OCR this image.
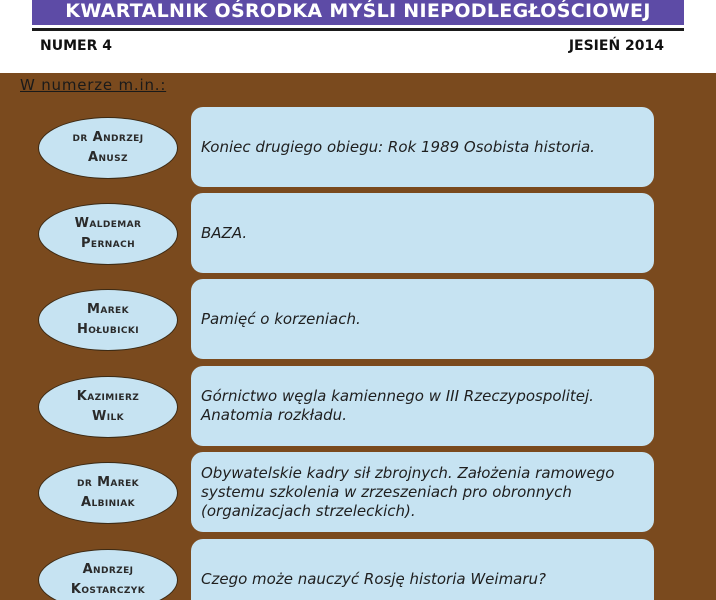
KWARTALNIK OŚRODKA MYŚLI NIEPODLEGŁOŚCIOWEJ
NUMER 4	JESIEŃ 2014
W numerze m.in.:
dr Andrzej
Anusz
Koniec drugiego obiegu: Rok 1989 Osobista historia.
Waldemar
Pernach
BAZA.
Marek
Hołubicki
Pamięć o korzeniach.
Kazimierz
Wilk
Górnictwo węgla kamiennego w III Rzeczypospolitej. Anatomia rozkładu.
dr Marek
Albiniak
Obywatelskie kadry sił zbrojnych. Założenia ramowego systemu szkolenia w zrzeszeniach pro obronnych (organizacjach strzeleckich).
Andrzej
Kostarczyk
Czego może nauczyć Rosję historia Weimaru?
